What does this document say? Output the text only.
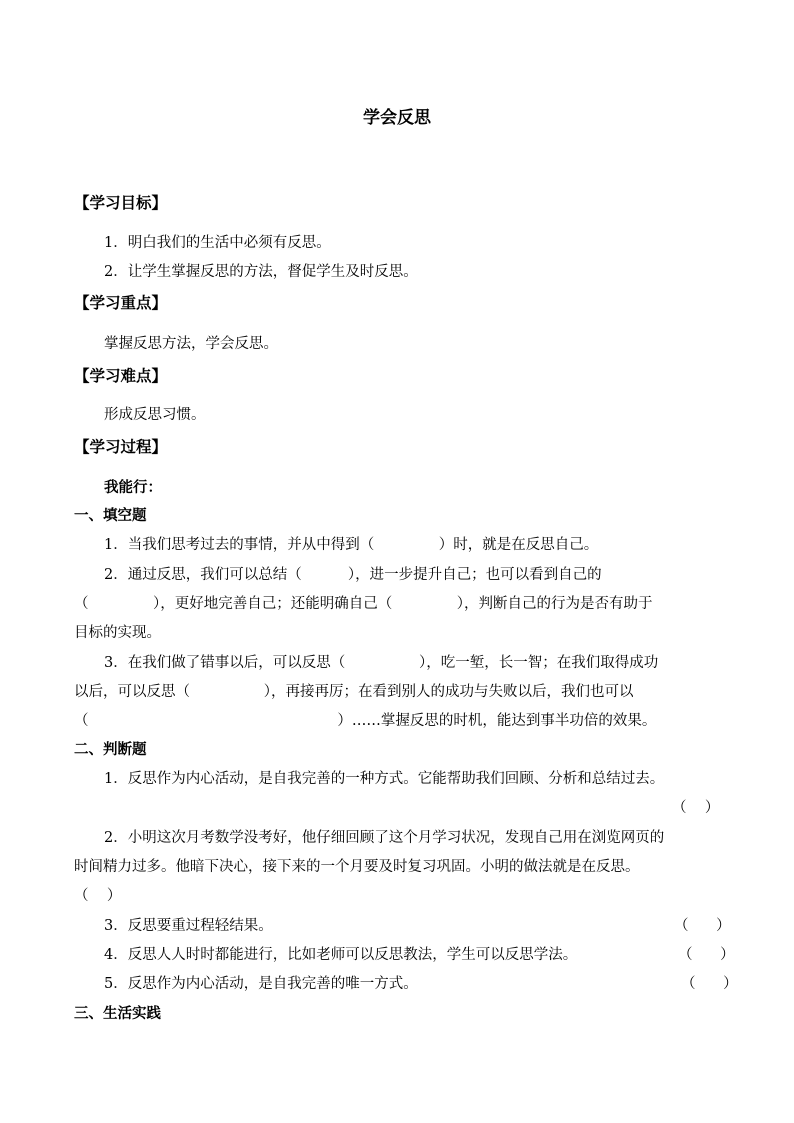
学会反思
【学习目标】
1．明白我们的生活中必须有反思。
2．让学生掌握反思的方法，督促学生及时反思。
【学习重点】
掌握反思方法，学会反思。
【学习难点】
形成反思习惯。
【学习过程】
我能行：
一、填空题
1．当我们思考过去的事情，并从中得到（              ）时，就是在反思自己。
2．通过反思，我们可以总结（          ），进一步提升自己；也可以看到自己的
（              ），更好地完善自己；还能明确自己（              ），判断自己的行为是否有助于
目标的实现。
3．在我们做了错事以后，可以反思（                ），吃一堑，长一智；在我们取得成功
以后，可以反思（                ），再接再厉；在看到别人的成功与失败以后，我们也可以
（                                                      ）……掌握反思的时机，能达到事半功倍的效果。
二、判断题
1．反思作为内心活动，是自我完善的一种方式。它能帮助我们回顾、分析和总结过去。
（    ）
2．小明这次月考数学没考好，他仔细回顾了这个月学习状况，发现自己用在浏览网页的
时间精力过多。他暗下决心，接下来的一个月要及时复习巩固。小明的做法就是在反思。
（    ）
3．反思要重过程轻结果。	（      ）
4．反思人人时时都能进行，比如老师可以反思教法，学生可以反思学法。	（      ）
5．反思作为内心活动，是自我完善的唯一方式。	（      ）
三、生活实践
